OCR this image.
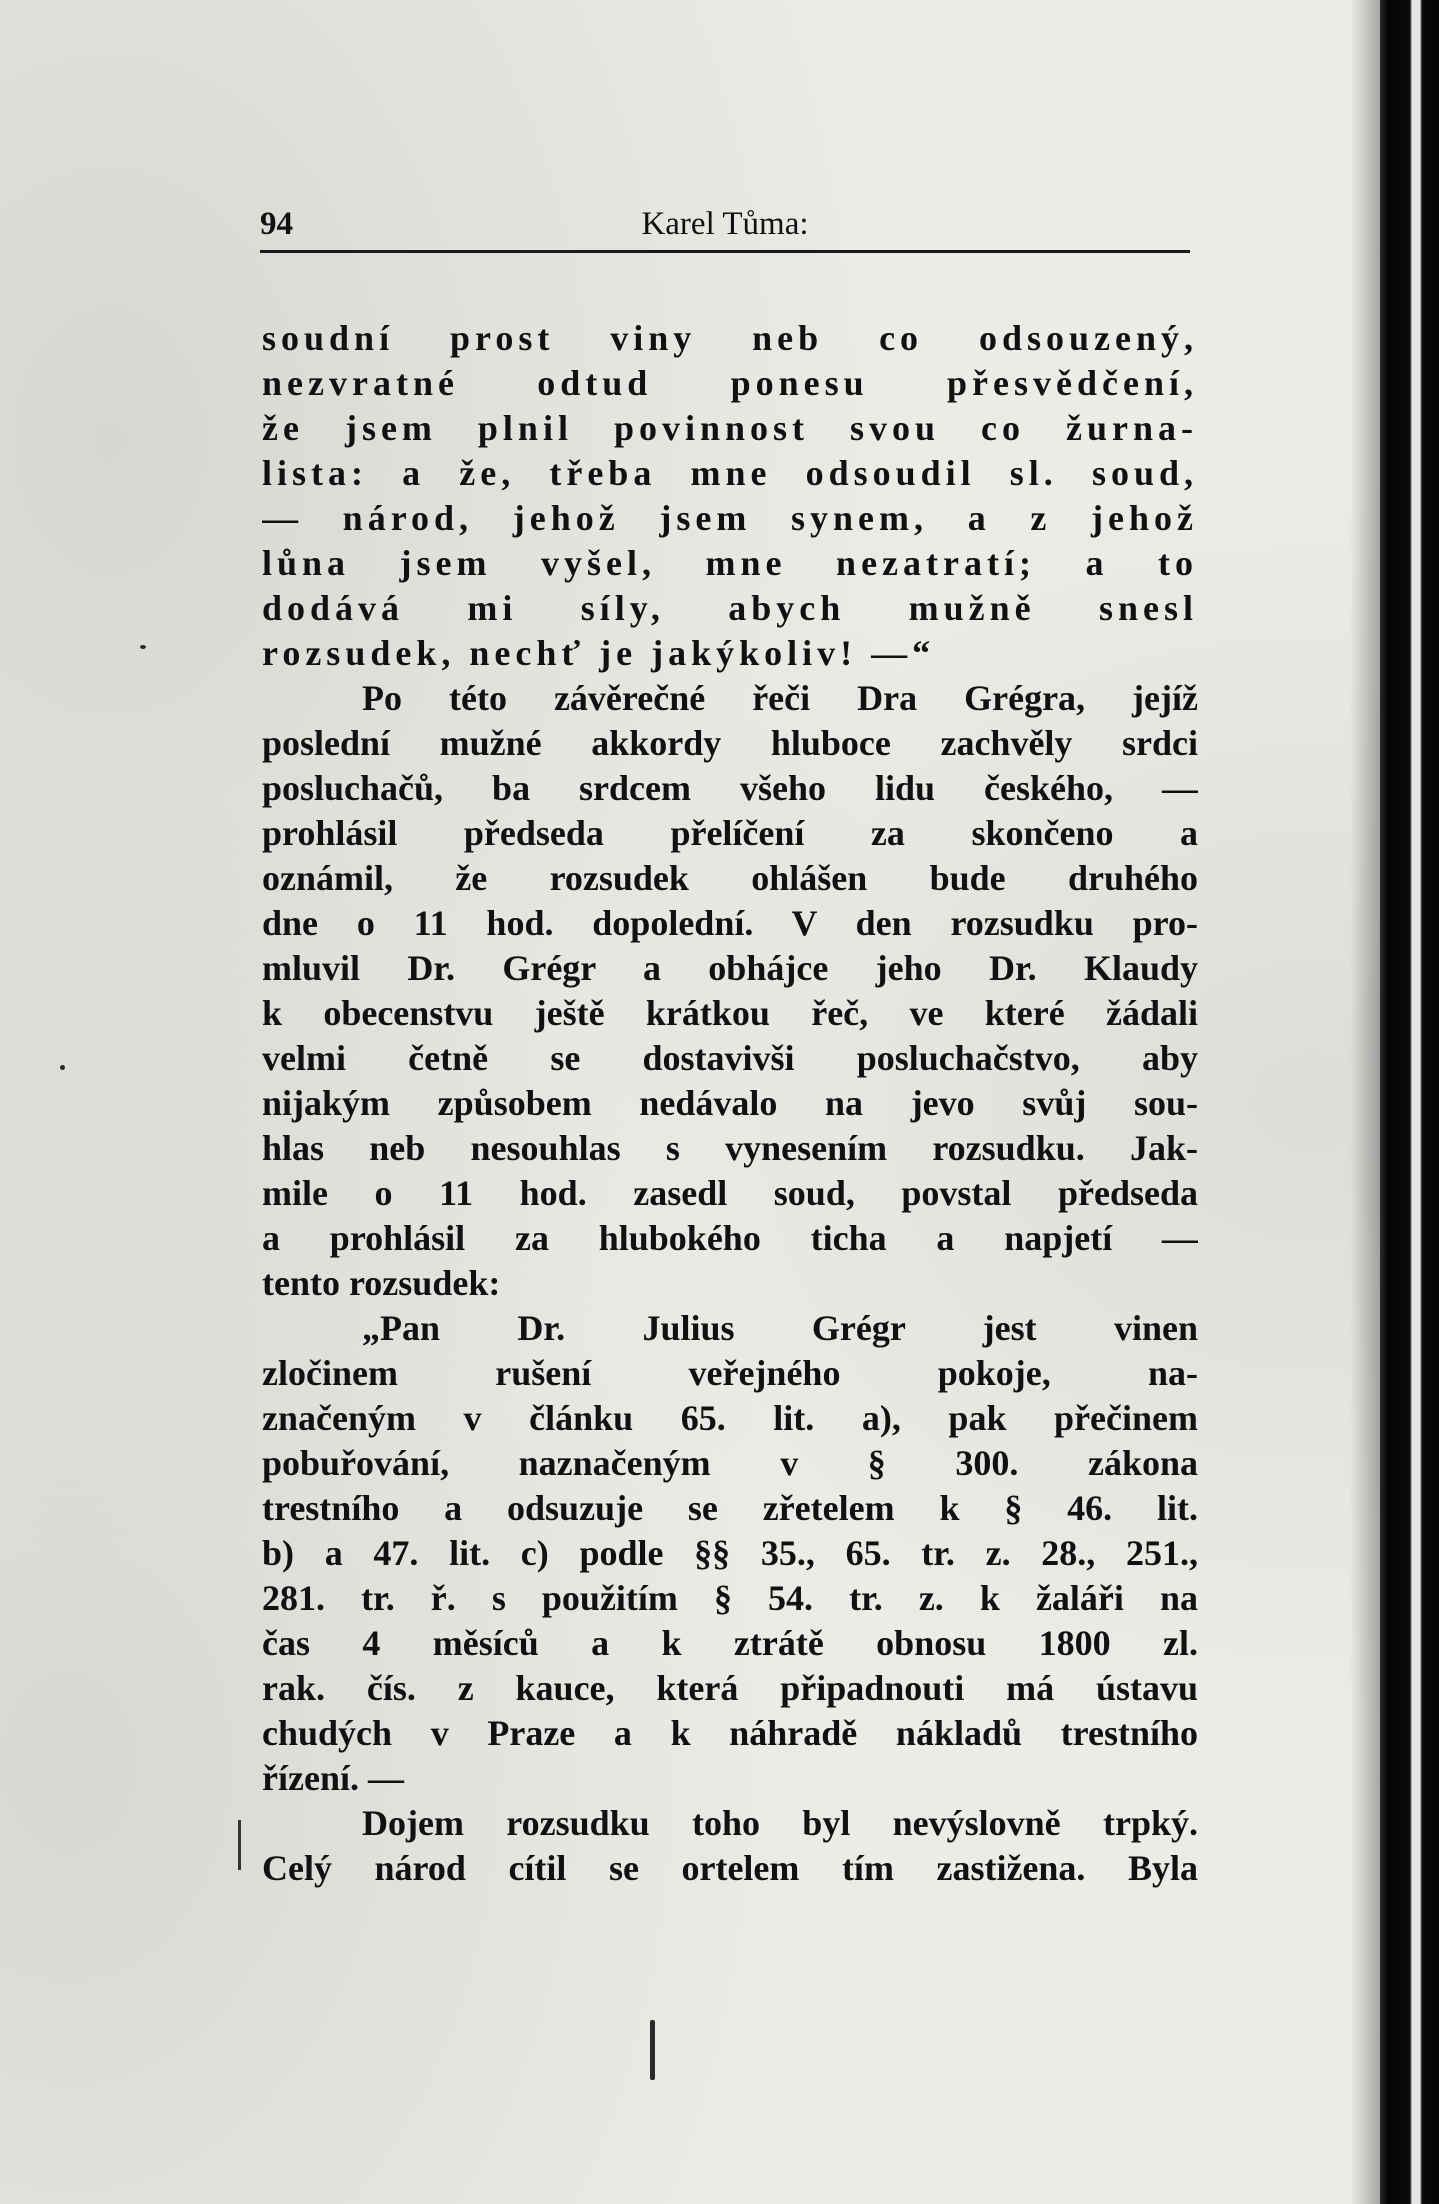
94	Karel Tůma:
soudní prost viny neb co odsouzený,
nezvratné odtud ponesu přesvědčení,
že jsem plnil povinnost svou co žurna-
lista: a že, třeba mne odsoudil sl. soud,
— národ, jehož jsem synem, a z jehož
lůna jsem vyšel, mne nezatratí; a to
dodává mi síly, abych mužně snesl
rozsudek, nechť je jakýkoliv! —“
Po této závěrečné řeči Dra Grégra, jejíž
poslední mužné akkordy hluboce zachvěly srdci
posluchačů, ba srdcem všeho lidu českého, —
prohlásil předseda přelíčení za skončeno a
oznámil, že rozsudek ohlášen bude druhého
dne o 11 hod. dopolední. V den rozsudku pro-
mluvil Dr. Grégr a obhájce jeho Dr. Klaudy
k obecenstvu ještě krátkou řeč, ve které žádali
velmi četně se dostavivši posluchačstvo, aby
nijakým způsobem nedávalo na jevo svůj sou-
hlas neb nesouhlas s vynesením rozsudku. Jak-
mile o 11 hod. zasedl soud, povstal předseda
a prohlásil za hlubokého ticha a napjetí —
tento rozsudek:
„Pan Dr. Julius Grégr jest vinen
zločinem rušení veřejného pokoje, na-
značeným v článku 65. lit. a), pak přečinem
pobuřování, naznačeným v § 300. zákona
trestního a odsuzuje se zřetelem k § 46. lit.
b) a 47. lit. c) podle §§ 35., 65. tr. z. 28., 251.,
281. tr. ř. s použitím § 54. tr. z. k žaláři na
čas 4 měsíců a k ztrátě obnosu 1800 zl.
rak. čís. z kauce, která připadnouti má ústavu
chudých v Praze a k náhradě nákladů trestního
řízení. —
Dojem rozsudku toho byl nevýslovně trpký.
Celý národ cítil se ortelem tím zastižena. Byla
